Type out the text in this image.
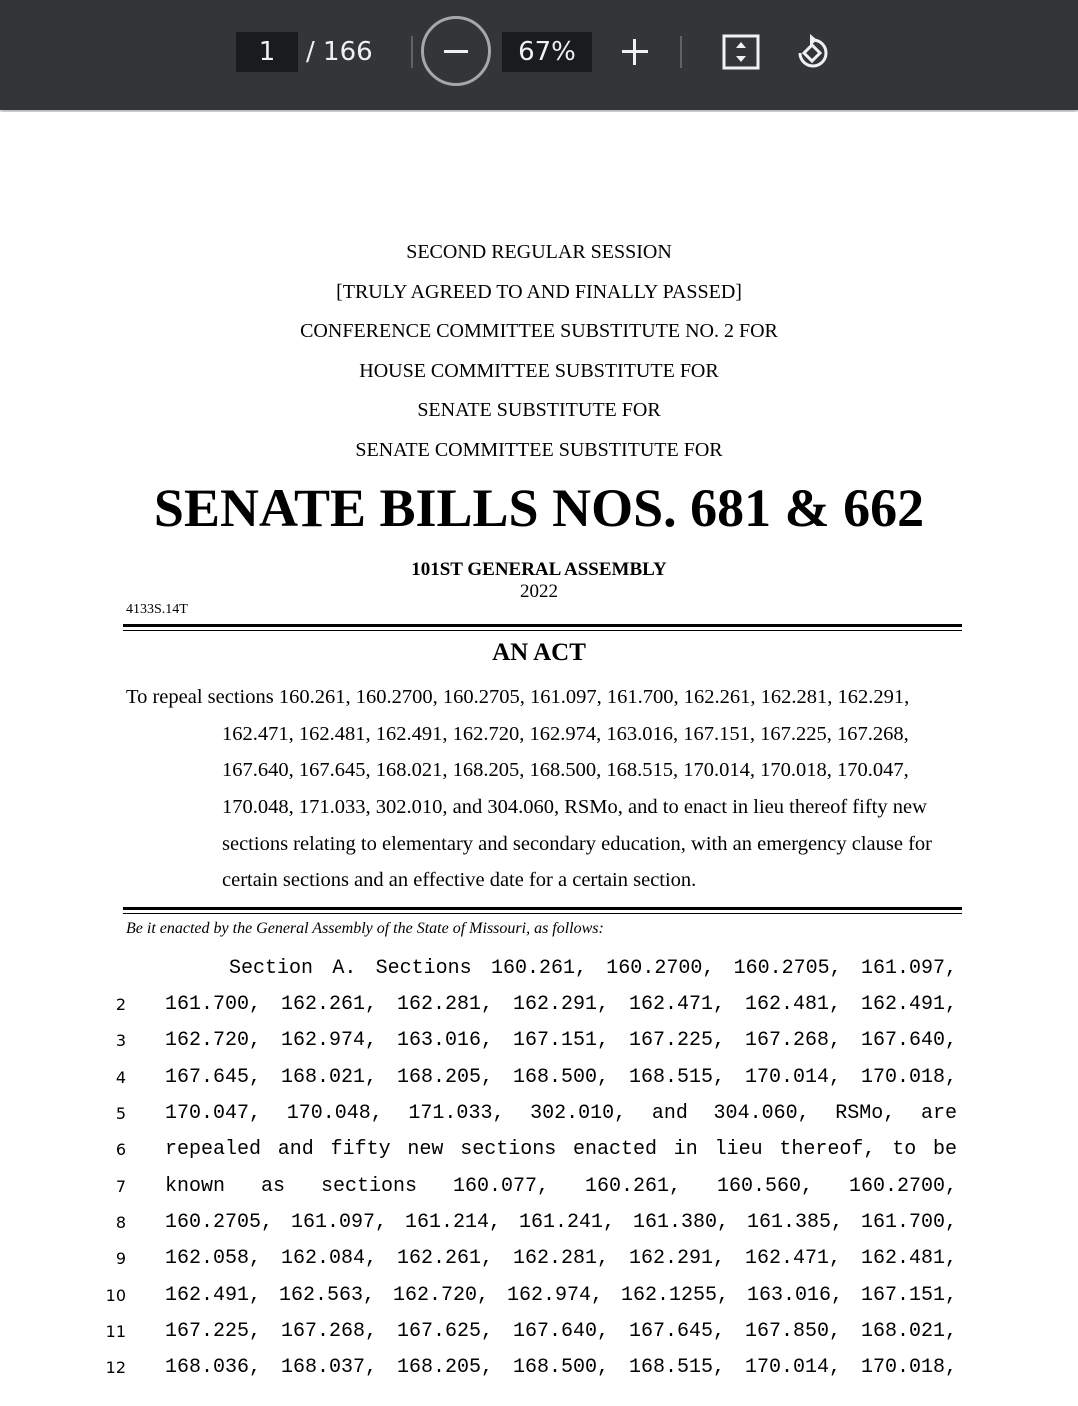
1
/ 166	67%
SECOND REGULAR SESSION
[TRULY AGREED TO AND FINALLY PASSED]
CONFERENCE COMMITTEE SUBSTITUTE NO. 2 FOR
HOUSE COMMITTEE SUBSTITUTE FOR
SENATE SUBSTITUTE FOR
SENATE COMMITTEE SUBSTITUTE FOR
SENATE BILLS NOS. 681 & 662
101ST GENERAL ASSEMBLY
2022
4133S.14T
AN ACT
To repeal sections 160.261, 160.2700, 160.2705, 161.097, 161.700, 162.261, 162.281, 162.291,
162.471, 162.481, 162.491, 162.720, 162.974, 163.016, 167.151, 167.225, 167.268,
167.640, 167.645, 168.021, 168.205, 168.500, 168.515, 170.014, 170.018, 170.047,
170.048, 171.033, 302.010, and 304.060, RSMo, and to enact in lieu thereof fifty new
sections relating to elementary and secondary education, with an emergency clause for
certain sections and an effective date for a certain section.
Be it enacted by the General Assembly of the State of Missouri, as follows:
Section A. Sections 160.261, 160.2700, 160.2705, 161.097,
2 161.700, 162.261, 162.281, 162.291, 162.471, 162.481, 162.491,
3 162.720, 162.974, 163.016, 167.151, 167.225, 167.268, 167.640,
4 167.645, 168.021, 168.205, 168.500, 168.515, 170.014, 170.018,
5 170.047, 170.048, 171.033, 302.010, and 304.060, RSMo, are
6 repealed and fifty new sections enacted in lieu thereof, to be
7 known as sections 160.077, 160.261, 160.560, 160.2700,
8 160.2705, 161.097, 161.214, 161.241, 161.380, 161.385, 161.700,
9 162.058, 162.084, 162.261, 162.281, 162.291, 162.471, 162.481,
10 162.491, 162.563, 162.720, 162.974, 162.1255, 163.016, 167.151,
11 167.225, 167.268, 167.625, 167.640, 167.645, 167.850, 168.021,
12 168.036, 168.037, 168.205, 168.500, 168.515, 170.014, 170.018,
